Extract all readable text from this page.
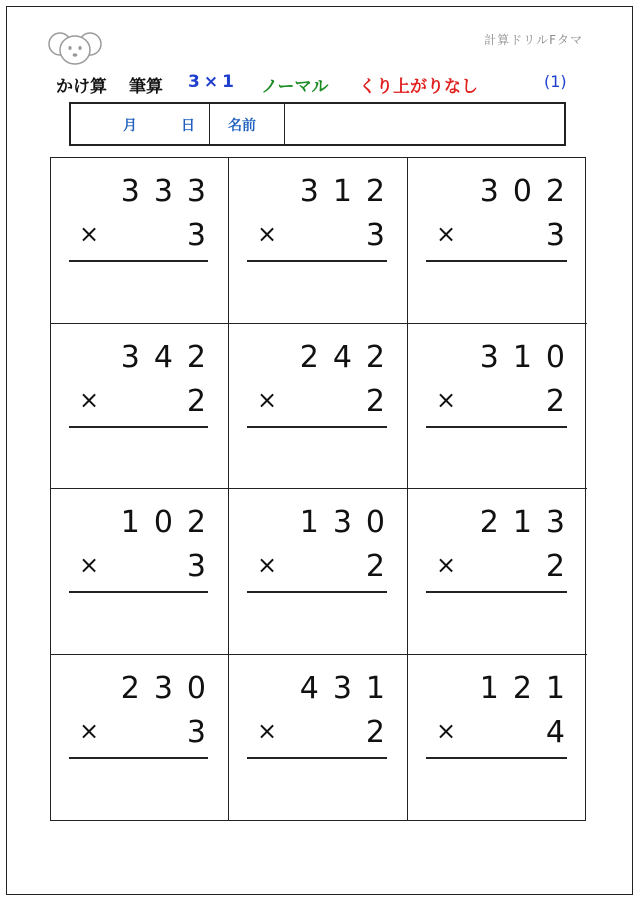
計算ドリルFタマ
かけ算 筆算 3×1 ノーマル くり上がりなし	(1)
月	日 名前
333
×	3
312
×	3
302
×	3
342
×	2
242
×	2
310
×	2
102
×	3
130
×	2
213
×	2
230
×	3
431
×	2
121
×	4
